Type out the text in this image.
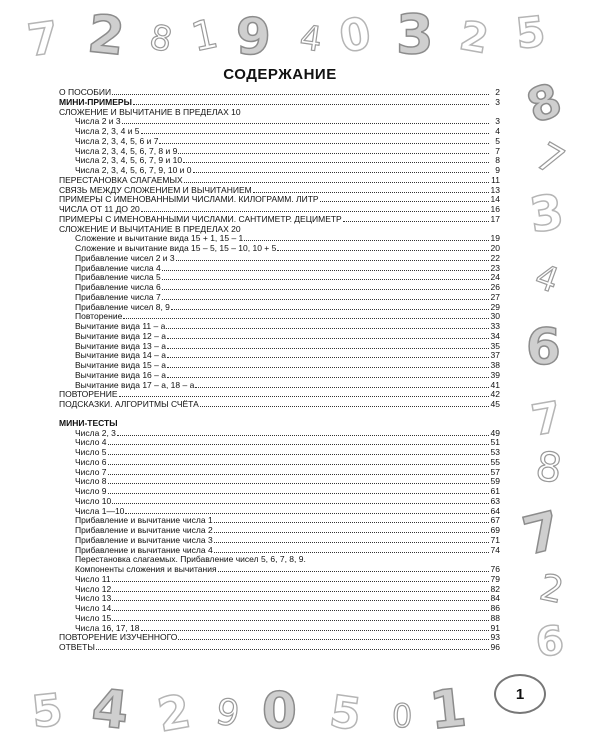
7 2 8 1 9 4 0 3 2 5
8
7
3
4
6
7
8
7
2
6
5 4 2 9 0 5 0 1
СОДЕРЖАНИЕ
О ПОСОБИИ	2
МИНИ-ПРИМЕРЫ	3
СЛОЖЕНИЕ И ВЫЧИТАНИЕ В ПРЕДЕЛАХ 10
Числа 2 и 3	3
Числа 2, 3, 4 и 5	4
Числа 2, 3, 4, 5, 6 и 7	5
Числа 2, 3, 4, 5, 6, 7, 8 и 9	7
Числа 2, 3, 4, 5, 6, 7, 9 и 10	8
Числа 2, 3, 4, 5, 6, 7, 9, 10 и 0	9
ПЕРЕСТАНОВКА СЛАГАЕМЫХ	11
СВЯЗЬ МЕЖДУ СЛОЖЕНИЕМ И ВЫЧИТАНИЕМ	13
ПРИМЕРЫ С ИМЕНОВАННЫМИ ЧИСЛАМИ. КИЛОГРАММ. ЛИТР	14
ЧИСЛА ОТ 11 ДО 20	16
ПРИМЕРЫ С ИМЕНОВАННЫМИ ЧИСЛАМИ. САНТИМЕТР. ДЕЦИМЕТР	17
СЛОЖЕНИЕ И ВЫЧИТАНИЕ В ПРЕДЕЛАХ 20
Сложение и вычитание вида 15 + 1, 15 – 1	19
Сложение и вычитание вида 15 – 5, 15 – 10, 10 + 5	20
Прибавление чисел 2 и 3	22
Прибавление числа 4	23
Прибавление числа 5	24
Прибавление числа 6	26
Прибавление числа 7	27
Прибавление чисел 8, 9	29
Повторение	30
Вычитание вида 11 – a	33
Вычитание вида 12 – a	34
Вычитание вида 13 – a	35
Вычитание вида 14 – a	37
Вычитание вида 15 – a	38
Вычитание вида 16 – a	39
Вычитание вида 17 – a, 18 – a	41
ПОВТОРЕНИЕ	42
ПОДСКАЗКИ. АЛГОРИТМЫ СЧЁТА	45
МИНИ-ТЕСТЫ
Числа 2, 3	49
Число 4	51
Число 5	53
Число 6	55
Число 7	57
Число 8	59
Число 9	61
Число 10	63
Числа 1—10	64
Прибавление и вычитание числа 1	67
Прибавление и вычитание числа 2	69
Прибавление и вычитание числа 3	71
Прибавление и вычитание числа 4	74
Перестановка слагаемых. Прибавление чисел 5, 6, 7, 8, 9.
Компоненты сложения и вычитания	76
Число 11	79
Число 12	82
Число 13	84
Число 14	86
Число 15	88
Числа 16, 17, 18	91
ПОВТОРЕНИЕ ИЗУЧЕННОГО	93
ОТВЕТЫ	96
1
